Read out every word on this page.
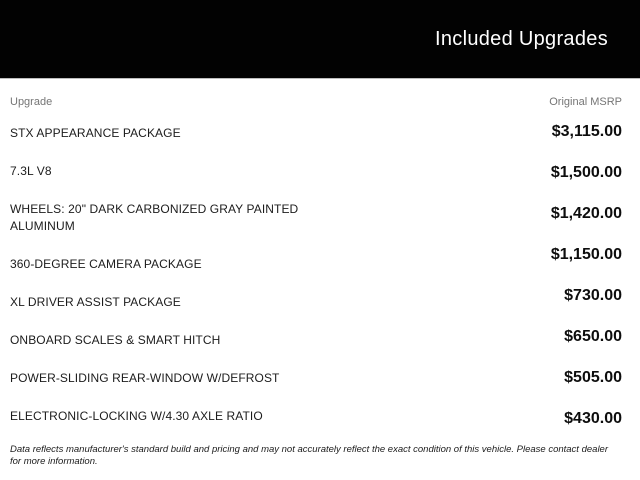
Included Upgrades
Upgrade	Original MSRP
STX APPEARANCE PACKAGE
7.3L V8
WHEELS: 20" DARK CARBONIZED GRAY PAINTED ALUMINUM
360-DEGREE CAMERA PACKAGE
XL DRIVER ASSIST PACKAGE
ONBOARD SCALES & SMART HITCH
POWER-SLIDING REAR-WINDOW W/DEFROST
ELECTRONIC-LOCKING W/4.30 AXLE RATIO
$3,115.00
$1,500.00
$1,420.00
$1,150.00
$730.00
$650.00
$505.00
$430.00

Data reflects manufacturer's standard build and pricing and may not accurately reflect the exact condition of this vehicle. Please contact dealer for more information.
